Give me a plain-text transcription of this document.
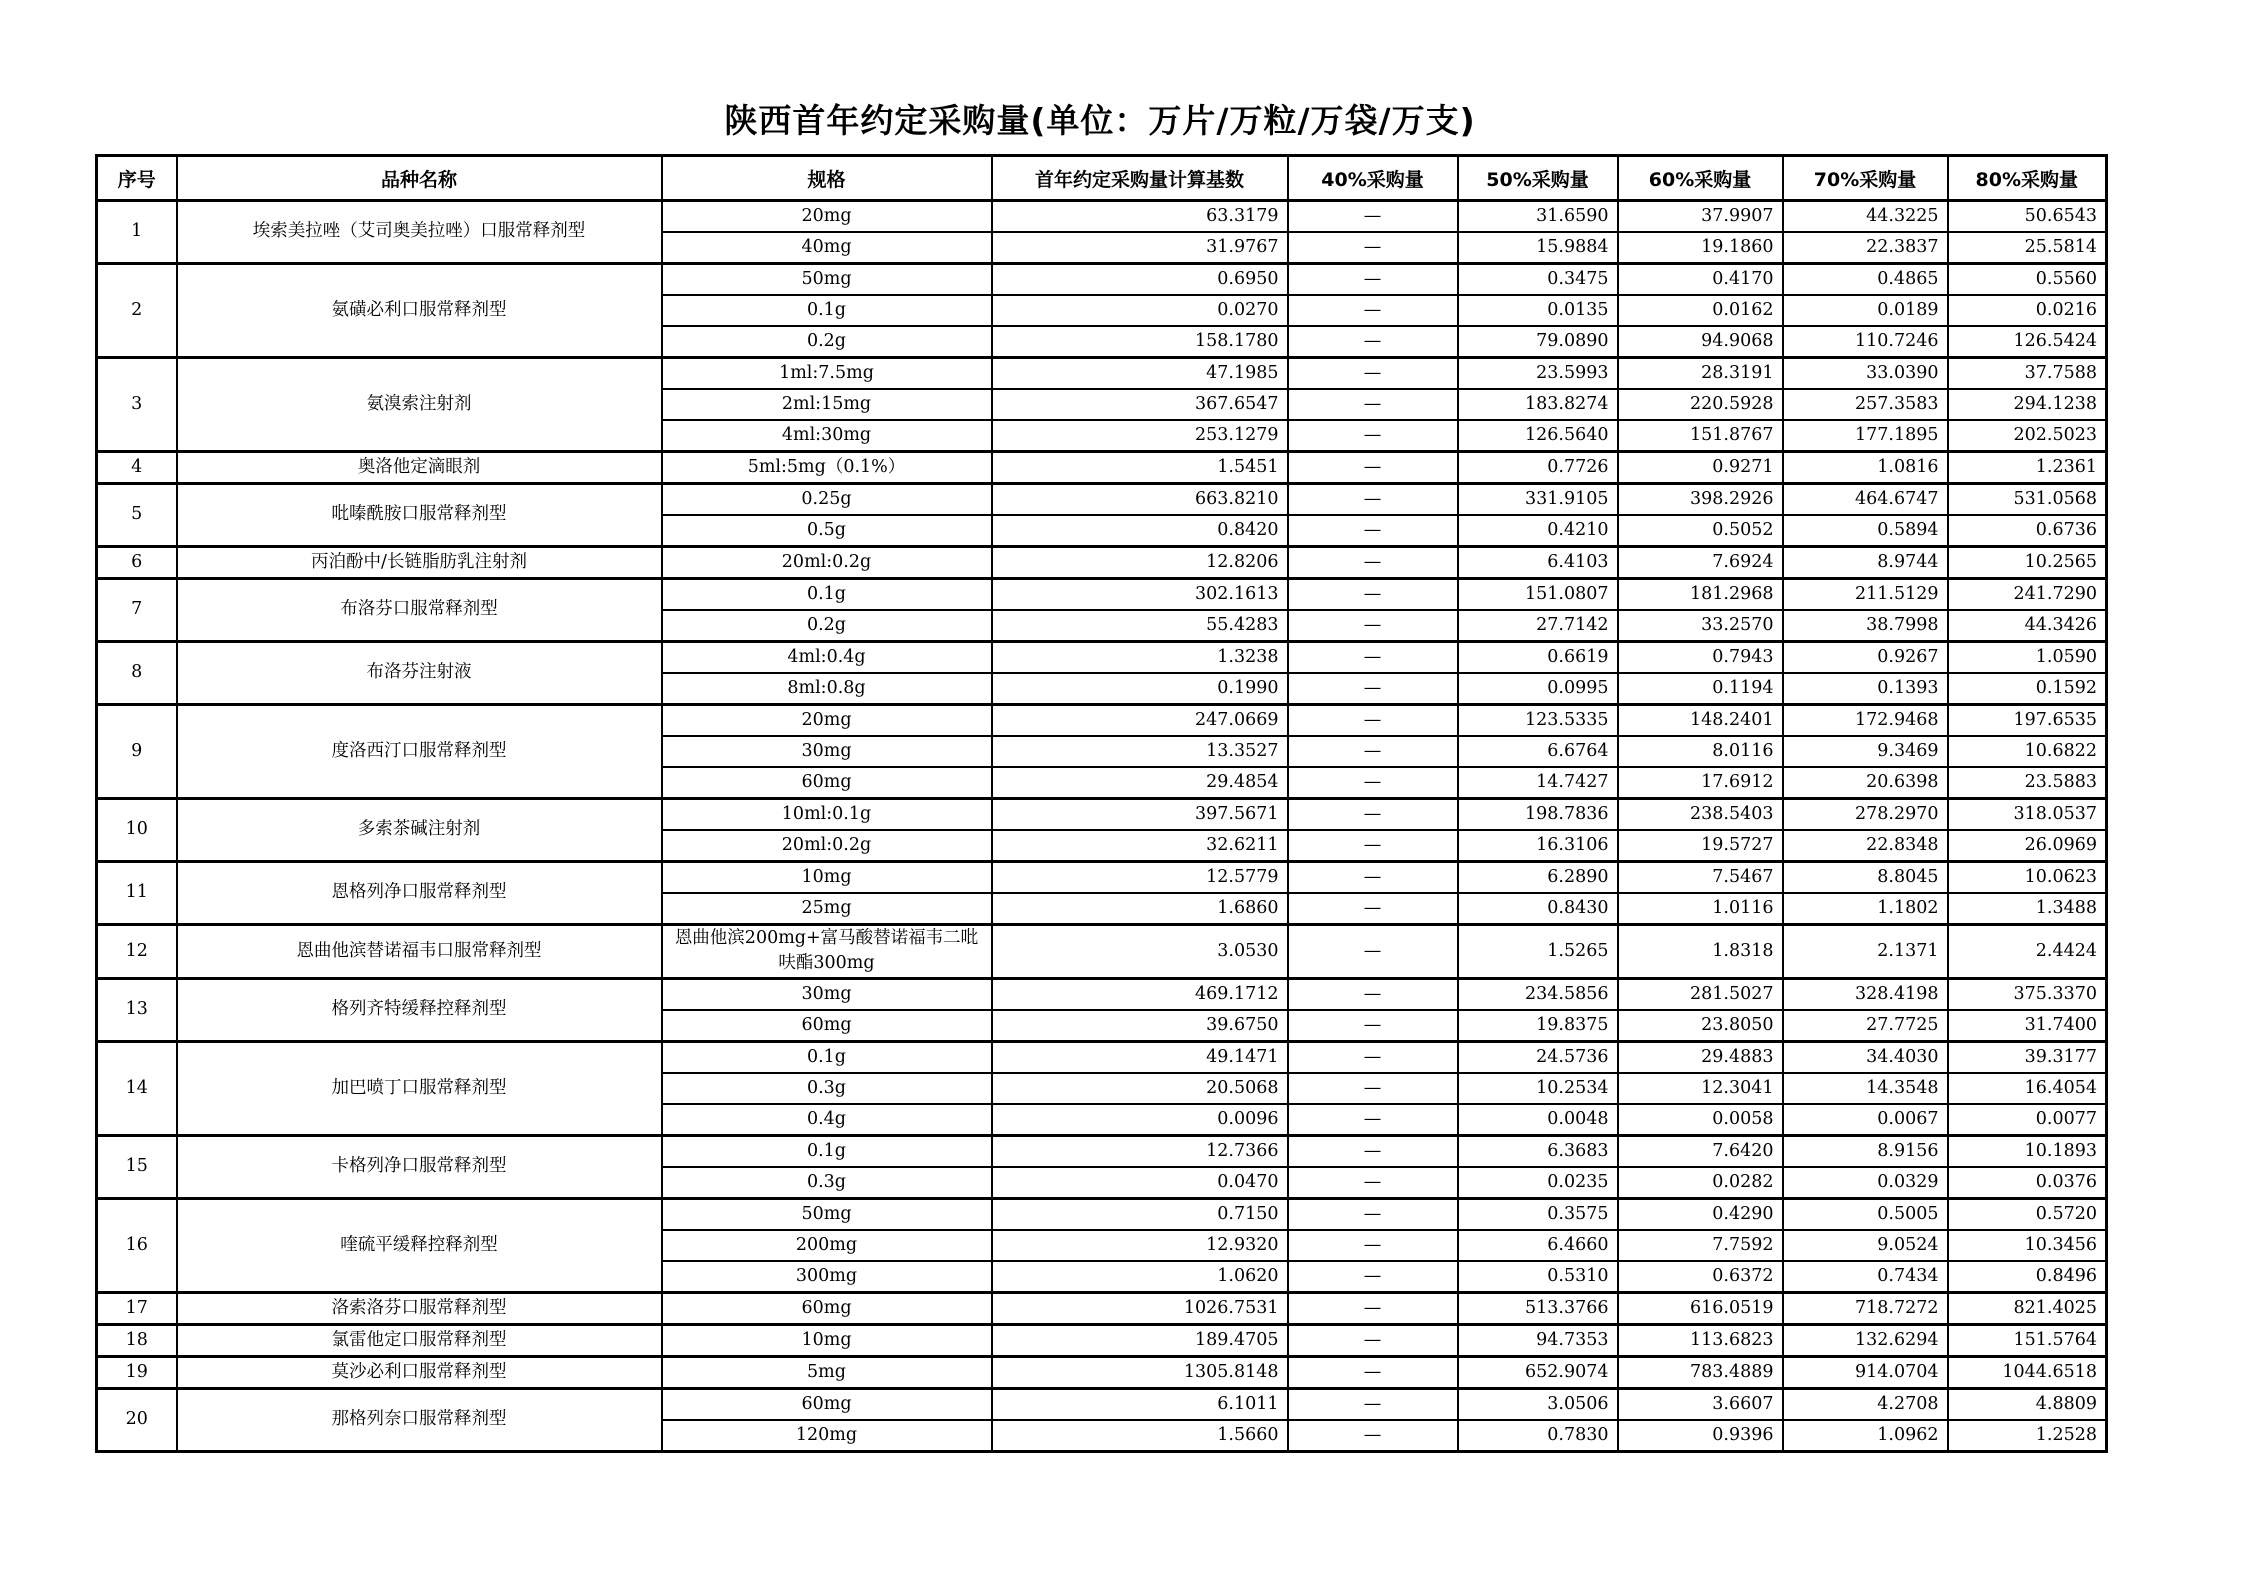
陕西首年约定采购量(单位：万片/万粒/万袋/万支)
序号	品种名称	规格	首年约定采购量计算基数	40%采购量	50%采购量	60%采购量	70%采购量	80%采购量
1	埃索美拉唑（艾司奥美拉唑）口服常释剂型	20mg	63.3179	—	31.6590	37.9907	44.3225	50.6543
		40mg	31.9767	—	15.9884	19.1860	22.3837	25.5814
2	氨磺必利口服常释剂型	50mg	0.6950	—	0.3475	0.4170	0.4865	0.5560
		0.1g	0.0270	—	0.0135	0.0162	0.0189	0.0216
		0.2g	158.1780	—	79.0890	94.9068	110.7246	126.5424
3	氨溴索注射剂	1ml:7.5mg	47.1985	—	23.5993	28.3191	33.0390	37.7588
		2ml:15mg	367.6547	—	183.8274	220.5928	257.3583	294.1238
		4ml:30mg	253.1279	—	126.5640	151.8767	177.1895	202.5023
4	奥洛他定滴眼剂	5ml:5mg（0.1%）	1.5451	—	0.7726	0.9271	1.0816	1.2361
5	吡嗪酰胺口服常释剂型	0.25g	663.8210	—	331.9105	398.2926	464.6747	531.0568
		0.5g	0.8420	—	0.4210	0.5052	0.5894	0.6736
6	丙泊酚中/长链脂肪乳注射剂	20ml:0.2g	12.8206	—	6.4103	7.6924	8.9744	10.2565
7	布洛芬口服常释剂型	0.1g	302.1613	—	151.0807	181.2968	211.5129	241.7290
		0.2g	55.4283	—	27.7142	33.2570	38.7998	44.3426
8	布洛芬注射液	4ml:0.4g	1.3238	—	0.6619	0.7943	0.9267	1.0590
		8ml:0.8g	0.1990	—	0.0995	0.1194	0.1393	0.1592
9	度洛西汀口服常释剂型	20mg	247.0669	—	123.5335	148.2401	172.9468	197.6535
		30mg	13.3527	—	6.6764	8.0116	9.3469	10.6822
		60mg	29.4854	—	14.7427	17.6912	20.6398	23.5883
10	多索茶碱注射剂	10ml:0.1g	397.5671	—	198.7836	238.5403	278.2970	318.0537
		20ml:0.2g	32.6211	—	16.3106	19.5727	22.8348	26.0969
11	恩格列净口服常释剂型	10mg	12.5779	—	6.2890	7.5467	8.8045	10.0623
		25mg	1.6860	—	0.8430	1.0116	1.1802	1.3488
12	恩曲他滨替诺福韦口服常释剂型	恩曲他滨200mg+富马酸替诺福韦二吡呋酯300mg	3.0530	—	1.5265	1.8318	2.1371	2.4424
13	格列齐特缓释控释剂型	30mg	469.1712	—	234.5856	281.5027	328.4198	375.3370
		60mg	39.6750	—	19.8375	23.8050	27.7725	31.7400
14	加巴喷丁口服常释剂型	0.1g	49.1471	—	24.5736	29.4883	34.4030	39.3177
		0.3g	20.5068	—	10.2534	12.3041	14.3548	16.4054
		0.4g	0.0096	—	0.0048	0.0058	0.0067	0.0077
15	卡格列净口服常释剂型	0.1g	12.7366	—	6.3683	7.6420	8.9156	10.1893
		0.3g	0.0470	—	0.0235	0.0282	0.0329	0.0376
16	喹硫平缓释控释剂型	50mg	0.7150	—	0.3575	0.4290	0.5005	0.5720
		200mg	12.9320	—	6.4660	7.7592	9.0524	10.3456
		300mg	1.0620	—	0.5310	0.6372	0.7434	0.8496
17	洛索洛芬口服常释剂型	60mg	1026.7531	—	513.3766	616.0519	718.7272	821.4025
18	氯雷他定口服常释剂型	10mg	189.4705	—	94.7353	113.6823	132.6294	151.5764
19	莫沙必利口服常释剂型	5mg	1305.8148	—	652.9074	783.4889	914.0704	1044.6518
20	那格列奈口服常释剂型	60mg	6.1011	—	3.0506	3.6607	4.2708	4.8809
		120mg	1.5660	—	0.7830	0.9396	1.0962	1.2528
